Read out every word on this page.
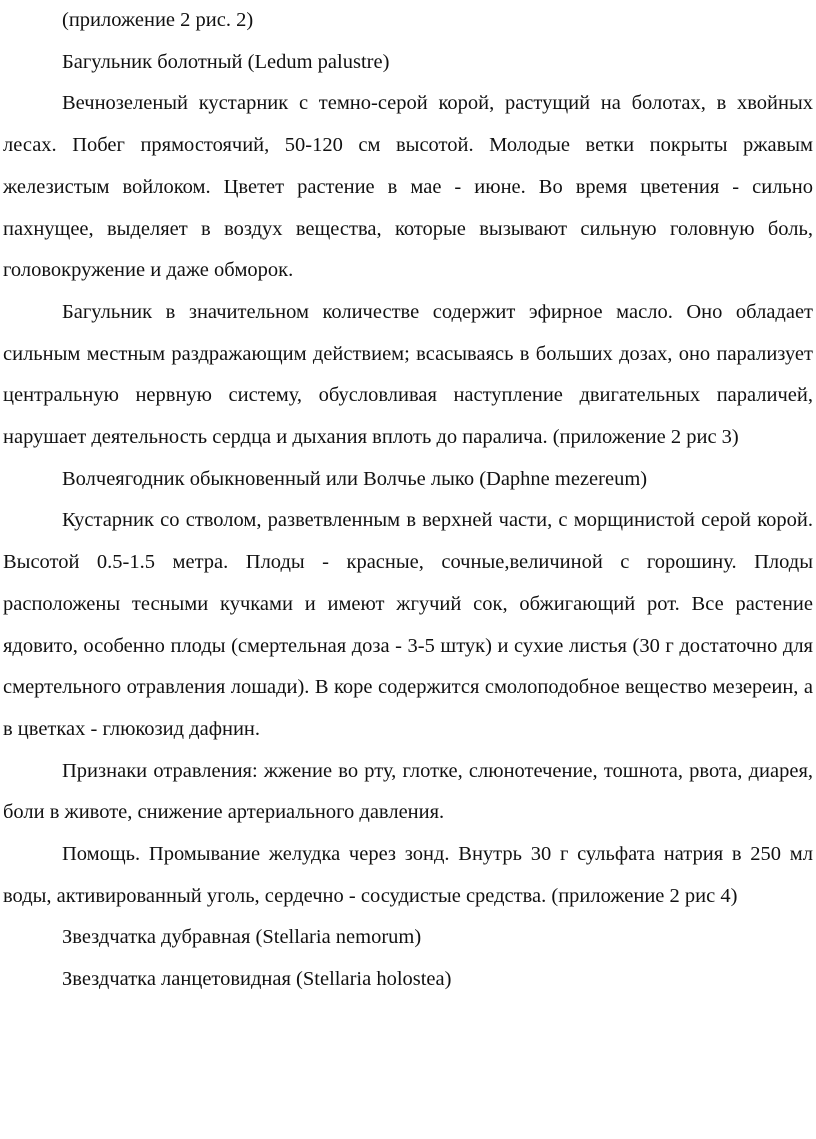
(приложение 2 рис. 2)

Багульник болотный (Ledum palustre)

Вечнозеленый кустарник с темно-серой корой, растущий на болотах, в хвойных лесах. Побег прямостоячий, 50-120 см высотой. Молодые ветки покрыты ржавым железистым войлоком. Цветет растение в мае - июне. Во время цветения - сильно пахнущее, выделяет в воздух вещества, которые вызывают сильную головную боль, головокружение и даже обморок.

Багульник в значительном количестве содержит эфирное масло. Оно обладает сильным местным раздражающим действием; всасываясь в больших дозах, оно парализует центральную нервную систему, обусловливая наступление двигательных параличей, нарушает деятельность сердца и дыхания вплоть до паралича. (приложение 2 рис 3)

Волчеягодник обыкновенный или Волчье лыко (Daphne mezereum)

Кустарник со стволом, разветвленным в верхней части, с морщинистой серой корой. Высотой 0.5-1.5 метра. Плоды - красные, сочные,величиной с горошину. Плоды расположены тесными кучками и имеют жгучий сок, обжигающий рот. Все растение ядовито, особенно плоды (смертельная доза - 3-5 штук) и сухие листья (30 г достаточно для смертельного отравления лошади). В коре содержится смолоподобное вещество мезереин, а в цветках - глюкозид дафнин.

Признаки отравления: жжение во рту, глотке, слюнотечение, тошнота, рвота, диарея, боли в животе, снижение артериального давления.

Помощь. Промывание желудка через зонд. Внутрь 30 г сульфата натрия в 250 мл воды, активированный уголь, сердечно - сосудистые средства. (приложение 2 рис 4)

Звездчатка дубравная (Stellaria nemorum)

Звездчатка ланцетовидная (Stellaria holostea)
